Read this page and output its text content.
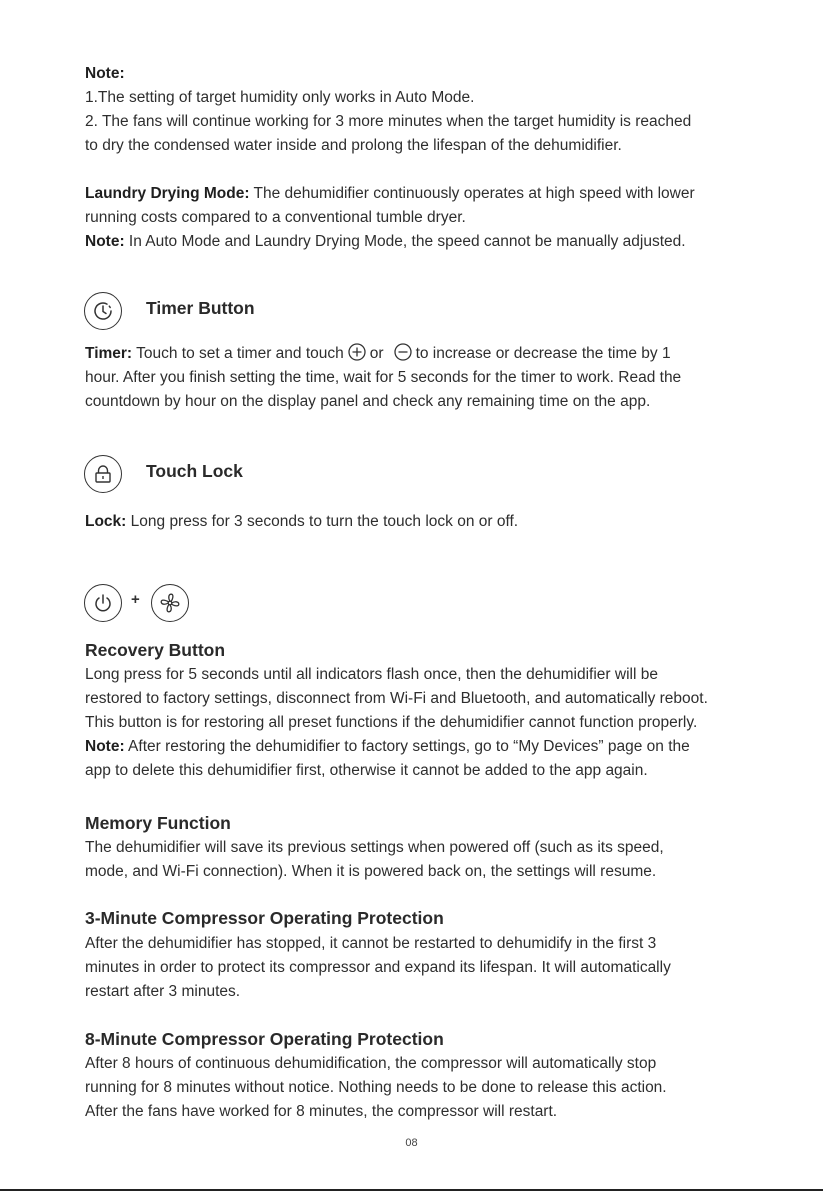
Note:
1.The setting of target humidity only works in Auto Mode.
2. The fans will continue working for 3 more minutes when the target humidity is reached
to dry the condensed water inside and prolong the lifespan of the dehumidifier.
Laundry Drying Mode: The dehumidifier continuously operates at high speed with lower
running costs compared to a conventional tumble dryer.
Note: In Auto Mode and Laundry Drying Mode, the speed cannot be manually adjusted.
Timer Button
Timer: Touch to set a timer and touch or to increase or decrease the time by 1
hour. After you finish setting the time, wait for 5 seconds for the timer to work. Read the
countdown by hour on the display panel and check any remaining time on the app.
Touch Lock
Lock: Long press for 3 seconds to turn the touch lock on or off.
+
Recovery Button
Long press for 5 seconds until all indicators flash once, then the dehumidifier will be
restored to factory settings, disconnect from Wi-Fi and Bluetooth, and automatically reboot.
This button is for restoring all preset functions if the dehumidifier cannot function properly.
Note: After restoring the dehumidifier to factory settings, go to “My Devices” page on the
app to delete this dehumidifier first, otherwise it cannot be added to the app again.
Memory Function
The dehumidifier will save its previous settings when powered off (such as its speed,
mode, and Wi-Fi connection). When it is powered back on, the settings will resume.
3-Minute Compressor Operating Protection
After the dehumidifier has stopped, it cannot be restarted to dehumidify in the first 3
minutes in order to protect its compressor and expand its lifespan. It will automatically
restart after 3 minutes.
8-Minute Compressor Operating Protection
After 8 hours of continuous dehumidification, the compressor will automatically stop
running for 8 minutes without notice. Nothing needs to be done to release this action.
After the fans have worked for 8 minutes, the compressor will restart.
08
